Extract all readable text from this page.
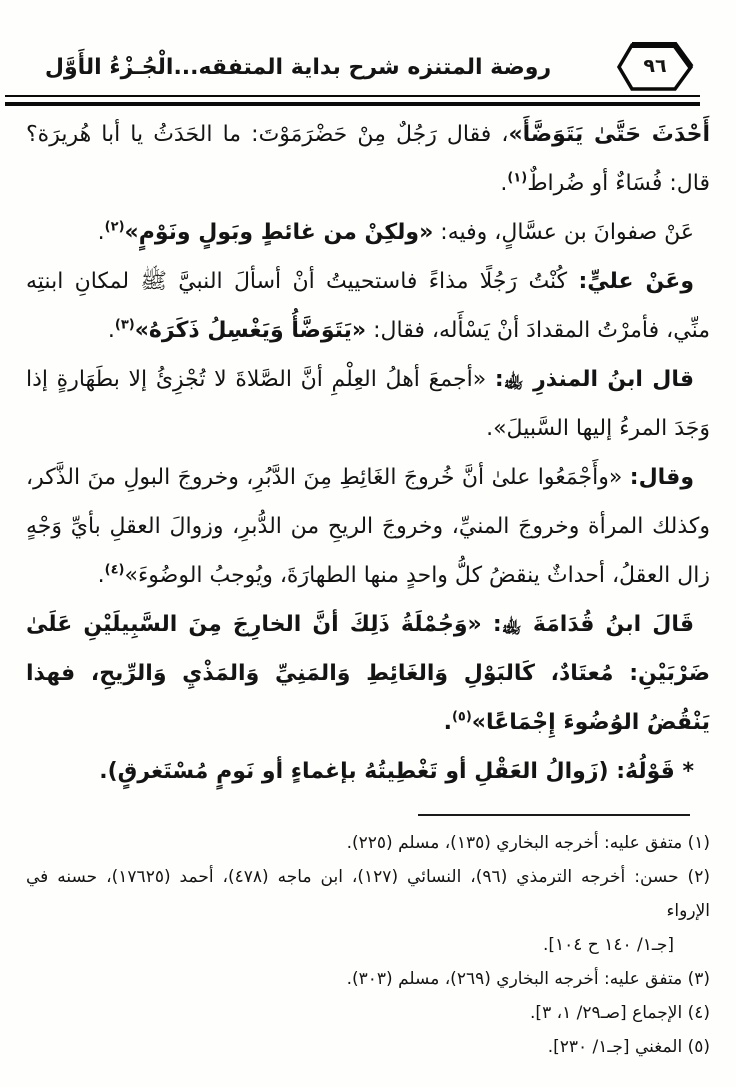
روضة المتنزه شرح بداية المتفقه...الْجُـزْءُ الأَوَّل	٩٦

أَحْدَثَ حَتَّىٰ يَتَوَضَّأَ»، فقال رَجُلٌ مِنْ حَضْرَمَوْتَ: ما الحَدَثُ يا أبا هُريرَة؟ قال: فُسَاءٌ أو ضُراطٌ$^{(١)}$.

عَنْ صفوانَ بن عسَّالٍ، وفيه: «ولكِنْ من غائطٍ وبَولٍ ونَوْمٍ»$^{(٢)}$.

وعَنْ عليٍّ: كُنْتُ رَجُلًا مذاءً فاستحييتُ أنْ أسألَ النبيَّ ﷺ لمكانِ ابنتِه منِّي، فأمرْتُ المقدادَ أنْ يَسْأَله، فقال: «يَتَوَضَّأُ وَيَغْسِلُ ذَكَرَهُ»$^{(٣)}$.

قال ابنُ المنذرِ ﵀: «أجمعَ أهلُ العِلْمِ أنَّ الصَّلاةَ لا تُجْزِئُ إلا بطَهَارةٍ إذا وَجَدَ المرءُ إليها السَّبيلَ».

وقال: «وأَجْمَعُوا علىٰ أنَّ خُروجَ الغَائِطِ مِنَ الدَّبُرِ، وخروجَ البولِ منَ الذَّكر، وكذلك المرأة وخروجَ المنيِّ، وخروجَ الريحِ من الدُّبرِ، وزوالَ العقلِ بأيِّ وَجْهٍ زال العقلُ، أحداثٌ ينقضُ كلُّ واحدٍ منها الطهارَةَ، ويُوجبُ الوضُوءَ»$^{(٤)}$.

قَالَ ابنُ قُدَامَةَ ﵀: «وَجُمْلَةُ ذَلِكَ أنَّ الخارِجَ مِنَ السَّبِيلَيْنِ عَلَىٰ ضَرْبَيْنِ: مُعتَادٌ، كَالبَوْلِ وَالغَائِطِ وَالمَنِيِّ وَالمَذْيِ وَالرِّيحِ، فهذا يَنْقُضُ الوُضُوءَ إِجْمَاعًا»$^{(٥)}$.

* قَوْلُهُ: (زَوالُ العَقْلِ أو تَغْطِيتُهُ بإغماءٍ أو نَومٍ مُسْتَغرقٍ).

(١) متفق عليه: أخرجه البخاري (١٣٥)، مسلم (٢٢٥).

(٢) حسن: أخرجه الترمذي (٩٦)، النسائي (١٢٧)، ابن ماجه (٤٧٨)، أحمد (١٧٦٢٥)، حسنه في الإرواء

[جـ١/ ١٤٠ ح ١٠٤].

(٣) متفق عليه: أخرجه البخاري (٢٦٩)، مسلم (٣٠٣).

(٤) الإجماع [صـ٢٩/ ١، ٣].

(٥) المغني [جـ١/ ٢٣٠].
